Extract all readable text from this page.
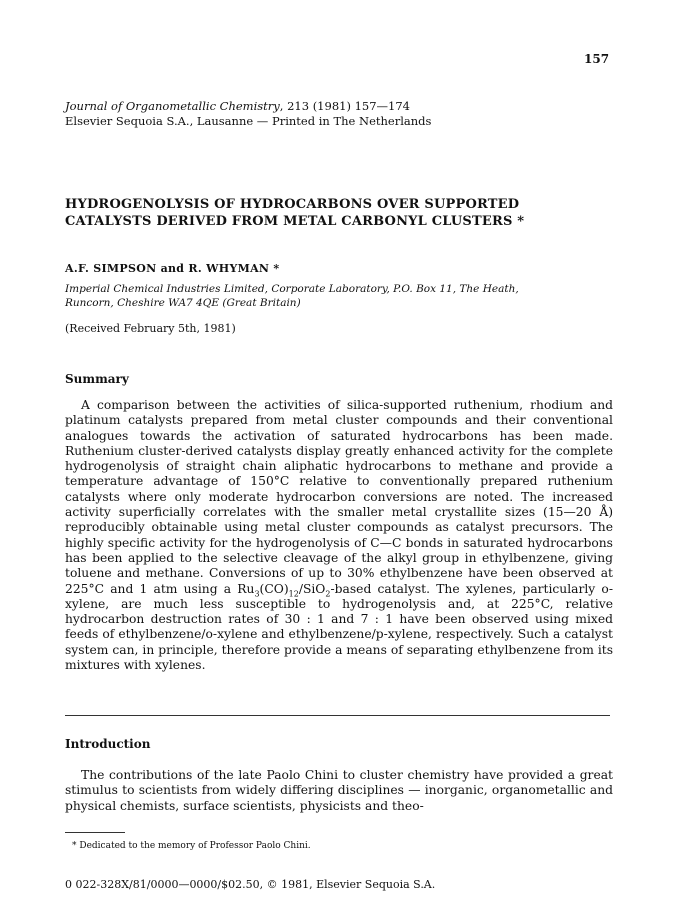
157
Journal of Organometallic Chemistry, 213 (1981) 157—174
Elsevier Sequoia S.A., Lausanne — Printed in The Netherlands
HYDROGENOLYSIS OF HYDROCARBONS OVER SUPPORTED
CATALYSTS DERIVED FROM METAL CARBONYL CLUSTERS *
A.F. SIMPSON and R. WHYMAN *
Imperial Chemical Industries Limited, Corporate Laboratory, P.O. Box 11, The Heath,
Runcorn, Cheshire WA7 4QE (Great Britain)
(Received February 5th, 1981)
Summary

A comparison between the activities of silica-supported ruthenium, rhodium and platinum catalysts prepared from metal cluster compounds and their conventional analogues towards the activation of saturated hydrocarbons has been made. Ruthenium cluster-derived catalysts display greatly enhanced activity for the complete hydrogenolysis of straight chain aliphatic hydrocarbons to methane and provide a temperature advantage of 150°C relative to conventionally prepared ruthenium catalysts where only moderate hydrocarbon conversions are noted. The increased activity superficially correlates with the smaller metal crystallite sizes (15—20 Å) reproducibly obtainable using metal cluster compounds as catalyst precursors. The highly specific activity for the hydrogenolysis of C—C bonds in saturated hydrocarbons has been applied to the selective cleavage of the alkyl group in ethylbenzene, giving toluene and methane. Conversions of up to 30% ethylbenzene have been observed at 225°C and 1 atm using a $Ru_3(CO)_{12}/SiO_2$-based catalyst. The xylenes, particularly o-xylene, are much less susceptible to hydrogenolysis and, at 225°C, relative hydrocarbon destruction rates of 30 : 1 and 7 : 1 have been observed using mixed feeds of ethylbenzene/o-xylene and ethylbenzene/p-xylene, respectively. Such a catalyst system can, in principle, therefore provide a means of separating ethylbenzene from its mixtures with xylenes.

Introduction

The contributions of the late Paolo Chini to cluster chemistry have provided a great stimulus to scientists from widely differing disciplines — inorganic, organometallic and physical chemists, surface scientists, physicists and theo-

* Dedicated to the memory of Professor Paolo Chini.
0 022-328X/81/0000—0000/$02.50, © 1981, Elsevier Sequoia S.A.
